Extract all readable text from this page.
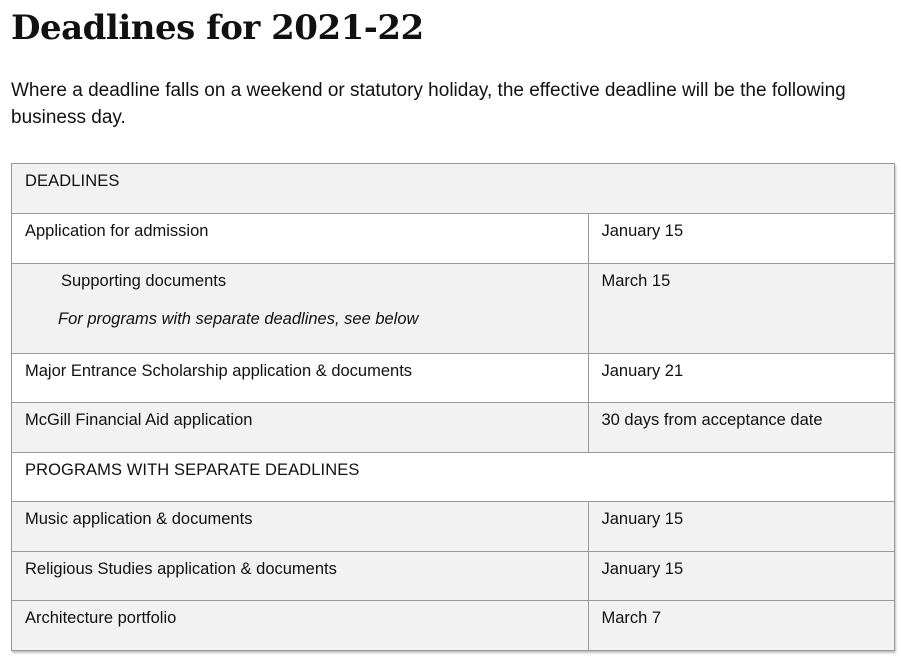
Deadlines for 2021-22

Where a deadline falls on a weekend or statutory holiday, the effective deadline will be the following business day.

DEADLINES	
Application for admission	January 15

Supporting documents
For programs with separate deadlines, see below	March 15
Major Entrance Scholarship application & documents	January 21
McGill Financial Aid application	30 days from acceptance date
PROGRAMS WITH SEPARATE DEADLINES	
Music application & documents	January 15
Religious Studies application & documents	January 15
Architecture portfolio	March 7
